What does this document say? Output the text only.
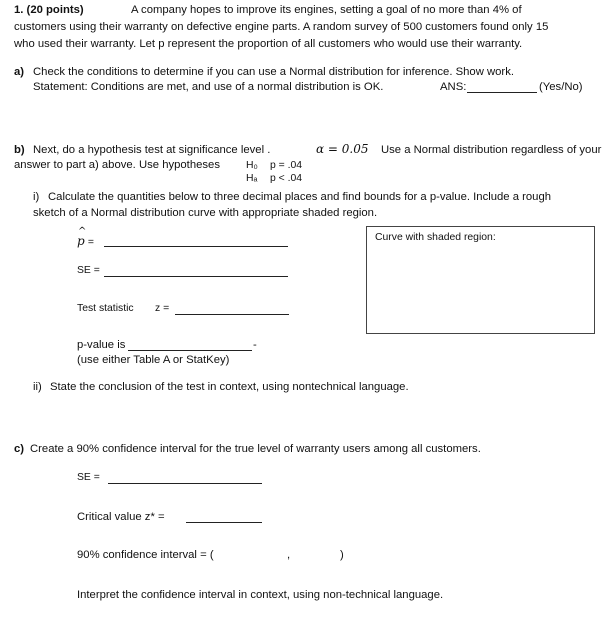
1. (20 points)	A company hopes to improve its engines, setting a goal of no more than 4% of
customers using their warranty on defective engine parts. A random survey of 500 customers found only 15
who used their warranty. Let p represent the proportion of all customers who would use their warranty.
a) Check the conditions to determine if you can use a Normal distribution for inference. Show work.
Statement: Conditions are met, and use of a normal distribution is OK.	ANS:	(Yes/No)
b) Next, do a hypothesis test at significance level .	α = 0.05 Use a Normal distribution regardless of your
answer to part a) above. Use hypotheses	H₀ p = .04
Hₐ p < .04
i) Calculate the quantities below to three decimal places and find bounds for a p-value. Include a rough
sketch of a Normal distribution curve with appropriate shaded region.
^ p =
SE =
Test statistic z =
Curve with shaded region:
p-value is	-
(use either Table A or StatKey)
ii) State the conclusion of the test in context, using nontechnical language.
c) Create a 90% confidence interval for the true level of warranty users among all customers.
SE =
Critical value z* =
90% confidence interval = (	,	)
Interpret the confidence interval in context, using non-technical language.
